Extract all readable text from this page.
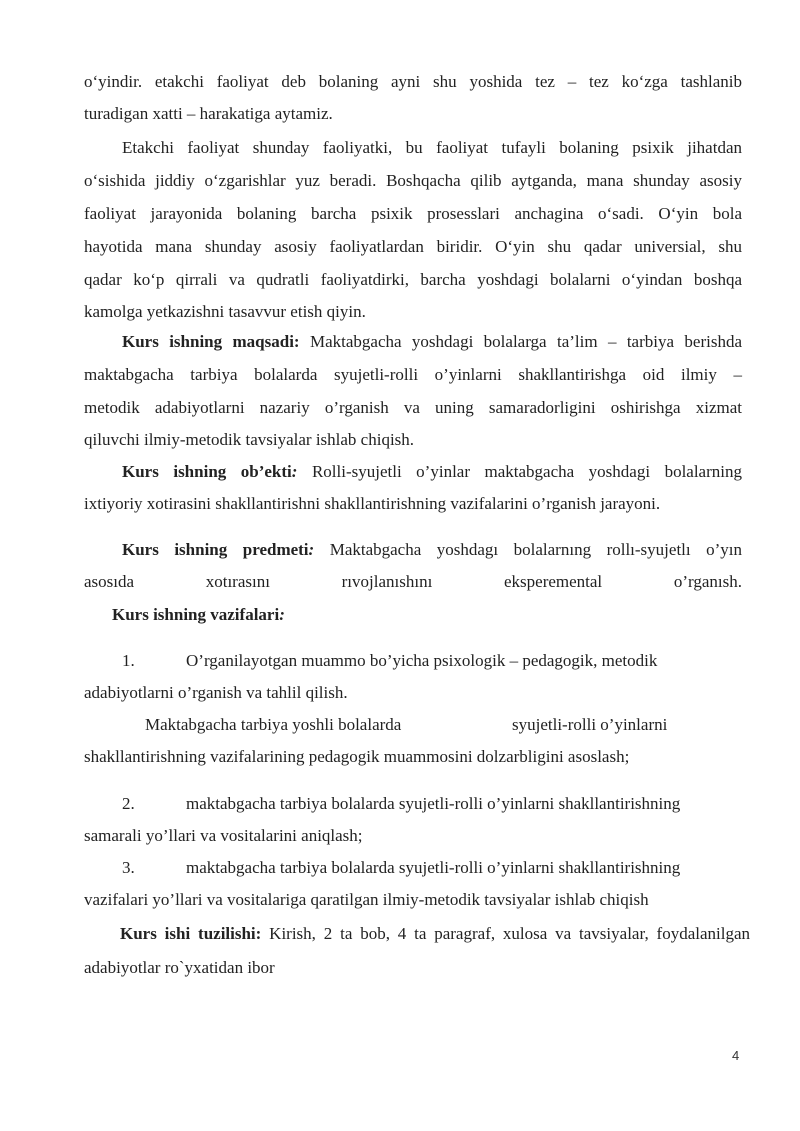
o‘yindir. etakchi faoliyat deb bolaning ayni shu yoshida tez – tez ko‘zga tashlanib
turadigan xatti – harakatiga aytamiz.
Etakchi faoliyat shunday faoliyatki, bu faoliyat tufayli bolaning psixik jihatdan
o‘sishida jiddiy o‘zgarishlar yuz beradi. Boshqacha qilib aytganda, mana shunday asosiy
faoliyat jarayonida bolaning barcha psixik prosesslari anchagina o‘sadi. O‘yin bola
hayotida mana shunday asosiy faoliyatlardan biridir. O‘yin shu qadar universial, shu
qadar ko‘p qirrali va qudratli faoliyatdirki, barcha yoshdagi bolalarni o‘yindan boshqa
kamolga yetkazishni tasavvur etish qiyin.
Kurs ishning maqsadi: Maktabgacha yoshdagi bolalarga ta’lim – tarbiya berishda
maktabgacha tarbiya bolalarda syujetli-rolli o’yinlarni shakllantirishga oid ilmiy –
metodik adabiyotlarni nazariy o’rganish va uning samaradorligini oshirishga xizmat
qiluvchi ilmiy-metodik tavsiyalar ishlab chiqish.
Kurs ishning ob’ekti: Rolli-syujetli o’yinlar maktabgacha yoshdagi bolalarning
ixtiyoriy xotirasini shakllantirishni shakllantirishning vazifalarini o’rganish jarayoni.
Kurs ishning predmeti: Maktabgacha yoshdagı bolalarnıng rollı-syujetlı o’yın
asosıda xotırasını rıvojlanıshını eksperemental o’rganısh.
Kurs ishning vazifalari:
1.	O’rganilayotgan muammo bo’yicha psixologik – pedagogik, metodik
adabiyotlarni o’rganish va tahlil qilish.
Maktabgacha tarbiya yoshli bolalarda	syujetli-rolli o’yinlarni
shakllantirishning vazifalarining pedagogik muammosini dolzarbligini asoslash;
2.	maktabgacha tarbiya bolalarda syujetli-rolli o’yinlarni shakllantirishning
samarali yo’llari va vositalarini aniqlash;
3.	maktabgacha tarbiya bolalarda syujetli-rolli o’yinlarni shakllantirishning
vazifalari yo’llari va vositalariga qaratilgan ilmiy-metodik tavsiyalar ishlab chiqish
Kurs ishi tuzilishi: Kirish, 2 ta bob, 4 ta paragraf, xulosa va tavsiyalar, foydalanilgan
adabiyotlar ro`yxatidan ibor
4
